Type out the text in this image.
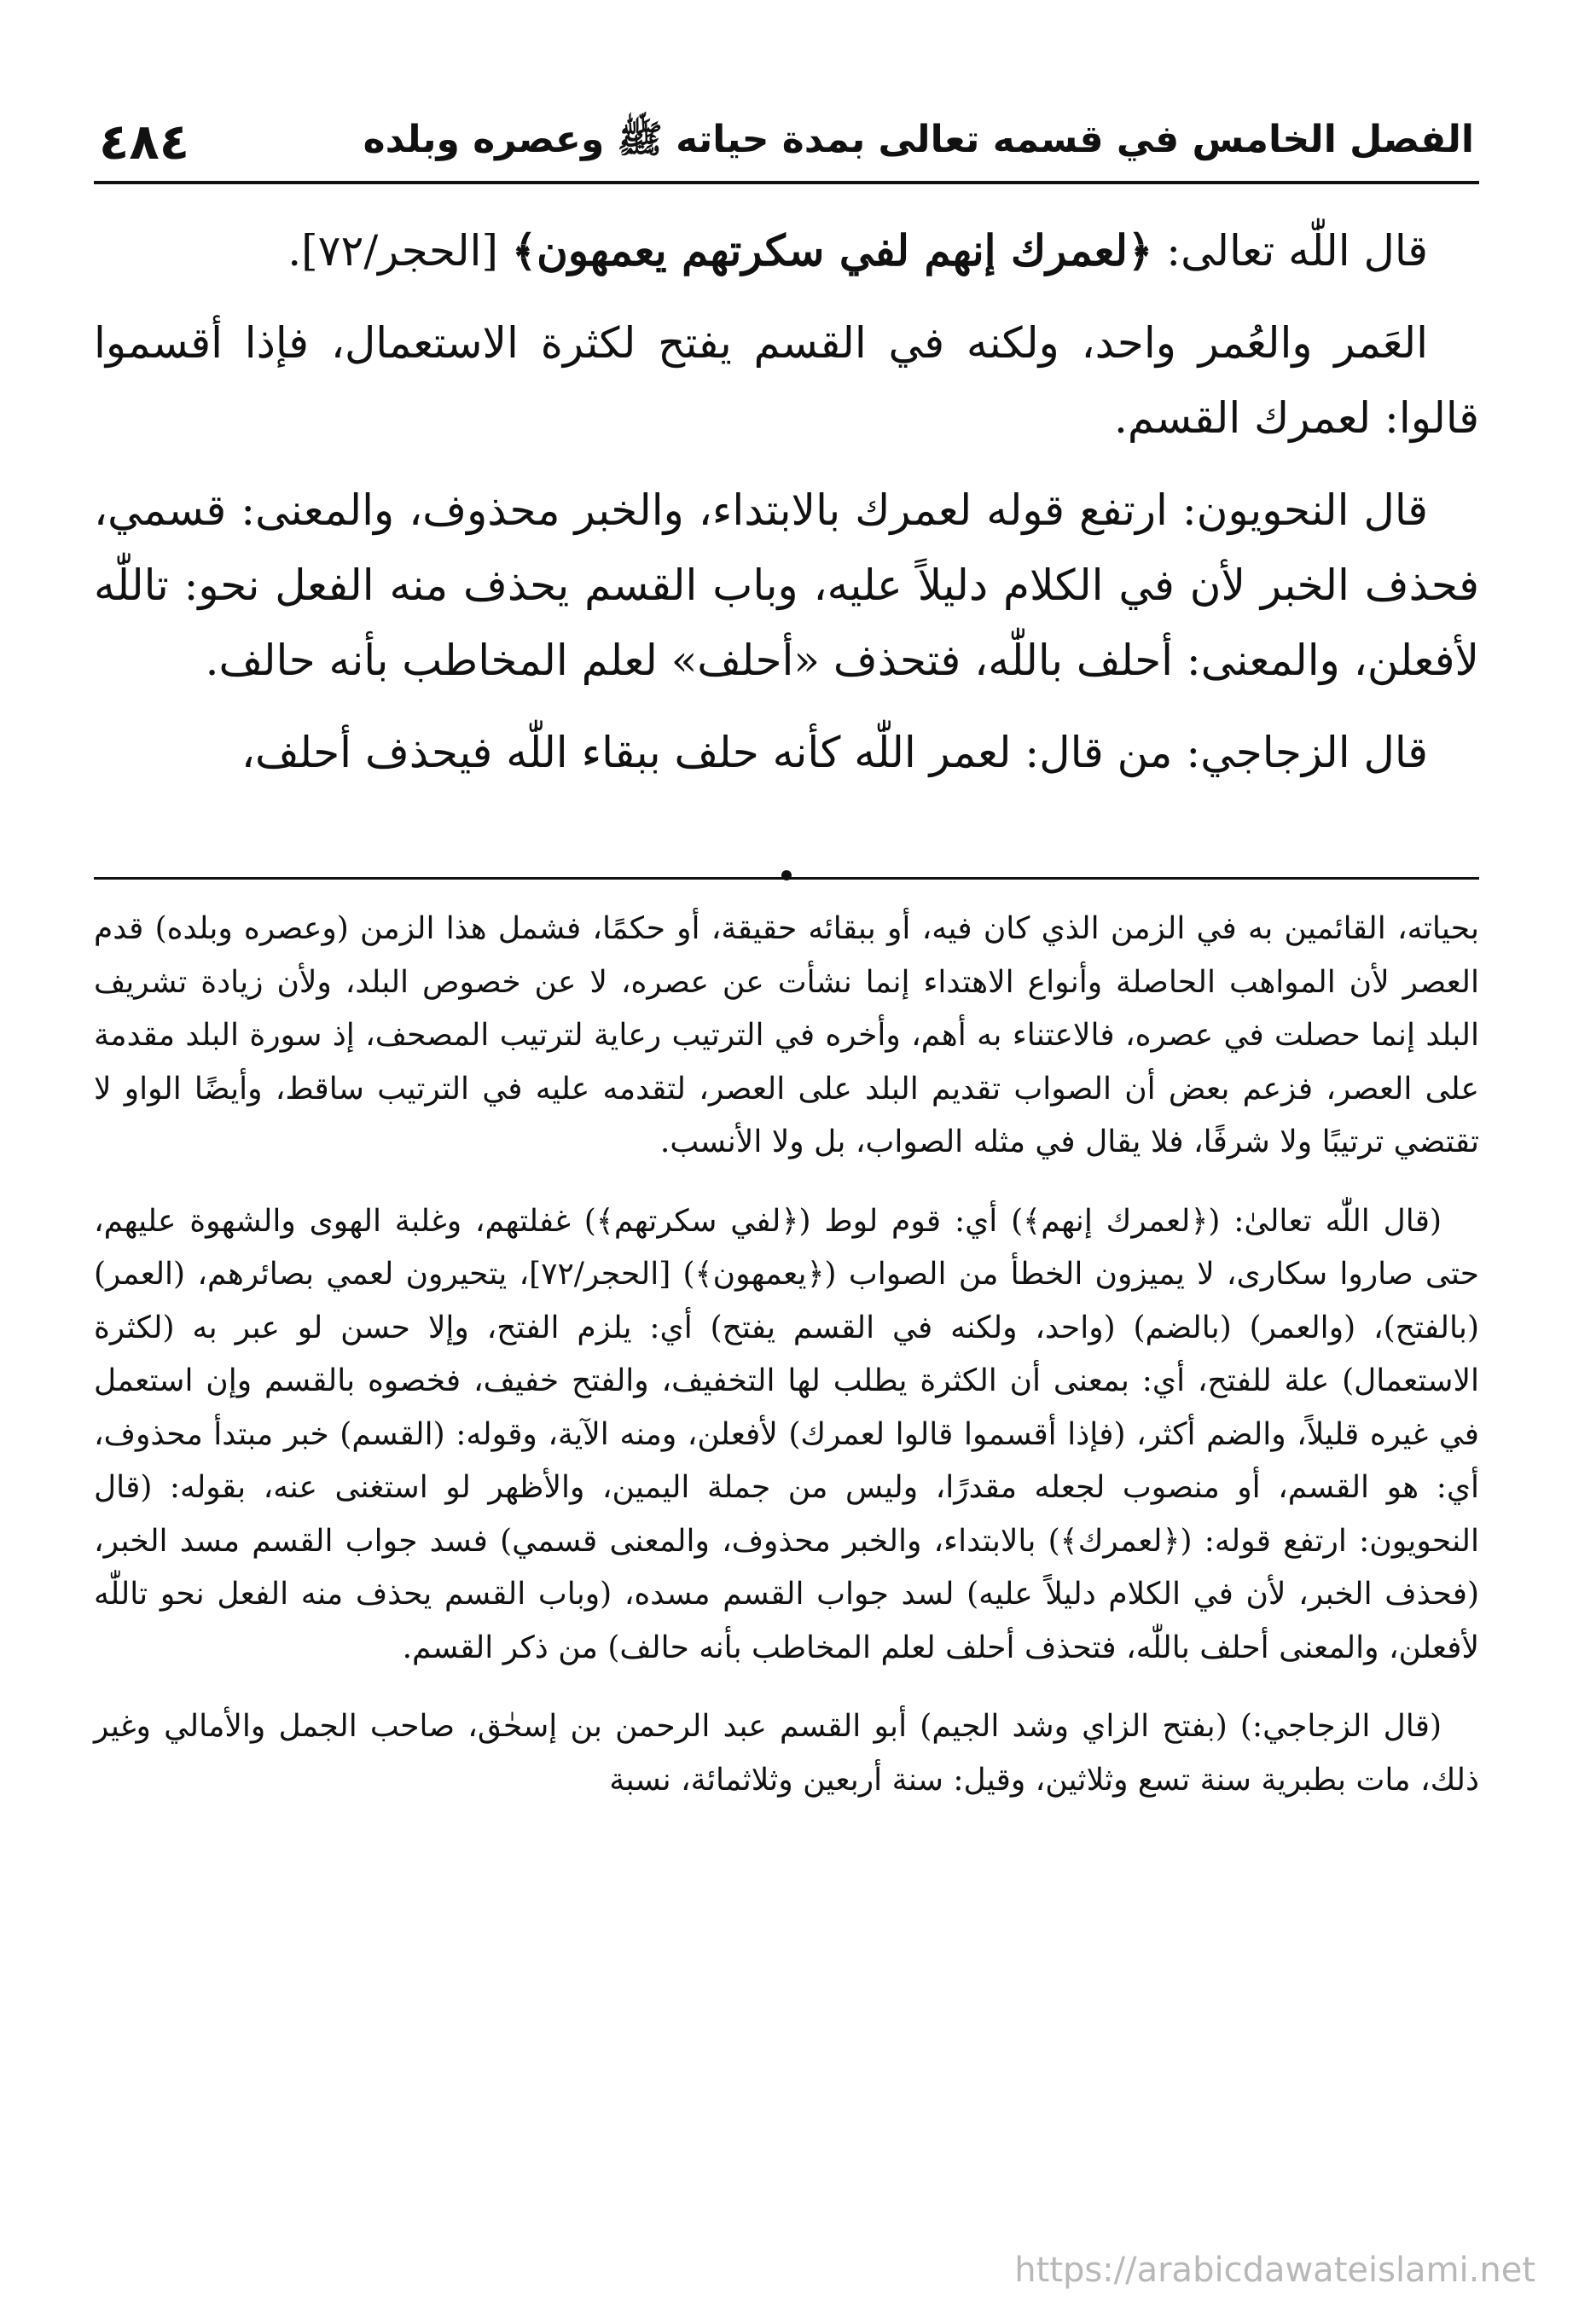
الفصل الخامس في قسمه تعالى بمدة حياته ﷺ وعصره وبلده
٤٨٤

قال اللّٰه تعالى: ﴿لعمرك إنهم لفي سكرتهم يعمهون﴾ [الحجر/٧٢].

العَمر والعُمر واحد، ولكنه في القسم يفتح لكثرة الاستعمال، فإذا أقسموا قالوا: لعمرك القسم.

قال النحويون: ارتفع قوله لعمرك بالابتداء، والخبر محذوف، والمعنى: قسمي، فحذف الخبر لأن في الكلام دليلاً عليه، وباب القسم يحذف منه الفعل نحو: تاللّٰه لأفعلن، والمعنى: أحلف باللّٰه، فتحذف «أحلف» لعلم المخاطب بأنه حالف.

قال الزجاجي: من قال: لعمر اللّٰه كأنه حلف ببقاء اللّٰه فيحذف أحلف،

بحياته، القائمين به في الزمن الذي كان فيه، أو ببقائه حقيقة، أو حكمًا، فشمل هذا الزمن (وعصره وبلده) قدم العصر لأن المواهب الحاصلة وأنواع الاهتداء إنما نشأت عن عصره، لا عن خصوص البلد، ولأن زيادة تشريف البلد إنما حصلت في عصره، فالاعتناء به أهم، وأخره في الترتيب رعاية لترتيب المصحف، إذ سورة البلد مقدمة على العصر، فزعم بعض أن الصواب تقديم البلد على العصر، لتقدمه عليه في الترتيب ساقط، وأيضًا الواو لا تقتضي ترتيبًا ولا شرفًا، فلا يقال في مثله الصواب، بل ولا الأنسب.

(قال اللّٰه تعالىٰ: (﴿لعمرك إنهم﴾) أي: قوم لوط (﴿لفي سكرتهم﴾) غفلتهم، وغلبة الهوى والشهوة عليهم، حتى صاروا سكارى، لا يميزون الخطأ من الصواب (﴿يعمهون﴾) [الحجر/٧٢]، يتحيرون لعمي بصائرهم، (العمر) (بالفتح)، (والعمر) (بالضم) (واحد، ولكنه في القسم يفتح) أي: يلزم الفتح، وإلا حسن لو عبر به (لكثرة الاستعمال) علة للفتح، أي: بمعنى أن الكثرة يطلب لها التخفيف، والفتح خفيف، فخصوه بالقسم وإن استعمل في غيره قليلاً، والضم أكثر، (فإذا أقسموا قالوا لعمرك) لأفعلن، ومنه الآية، وقوله: (القسم) خبر مبتدأ محذوف، أي: هو القسم، أو منصوب لجعله مقدرًا، وليس من جملة اليمين، والأظهر لو استغنى عنه، بقوله: (قال النحويون: ارتفع قوله: (﴿لعمرك﴾) بالابتداء، والخبر محذوف، والمعنى قسمي) فسد جواب القسم مسد الخبر، (فحذف الخبر، لأن في الكلام دليلاً عليه) لسد جواب القسم مسده، (وباب القسم يحذف منه الفعل نحو تاللّٰه لأفعلن، والمعنى أحلف باللّٰه، فتحذف أحلف لعلم المخاطب بأنه حالف) من ذكر القسم.

(قال الزجاجي:) (بفتح الزاي وشد الجيم) أبو القسم عبد الرحمن بن إسحٰق، صاحب الجمل والأمالي وغير ذلك، مات بطبرية سنة تسع وثلاثين، وقيل: سنة أربعين وثلاثمائة، نسبة

https://arabicdawateislami.net
